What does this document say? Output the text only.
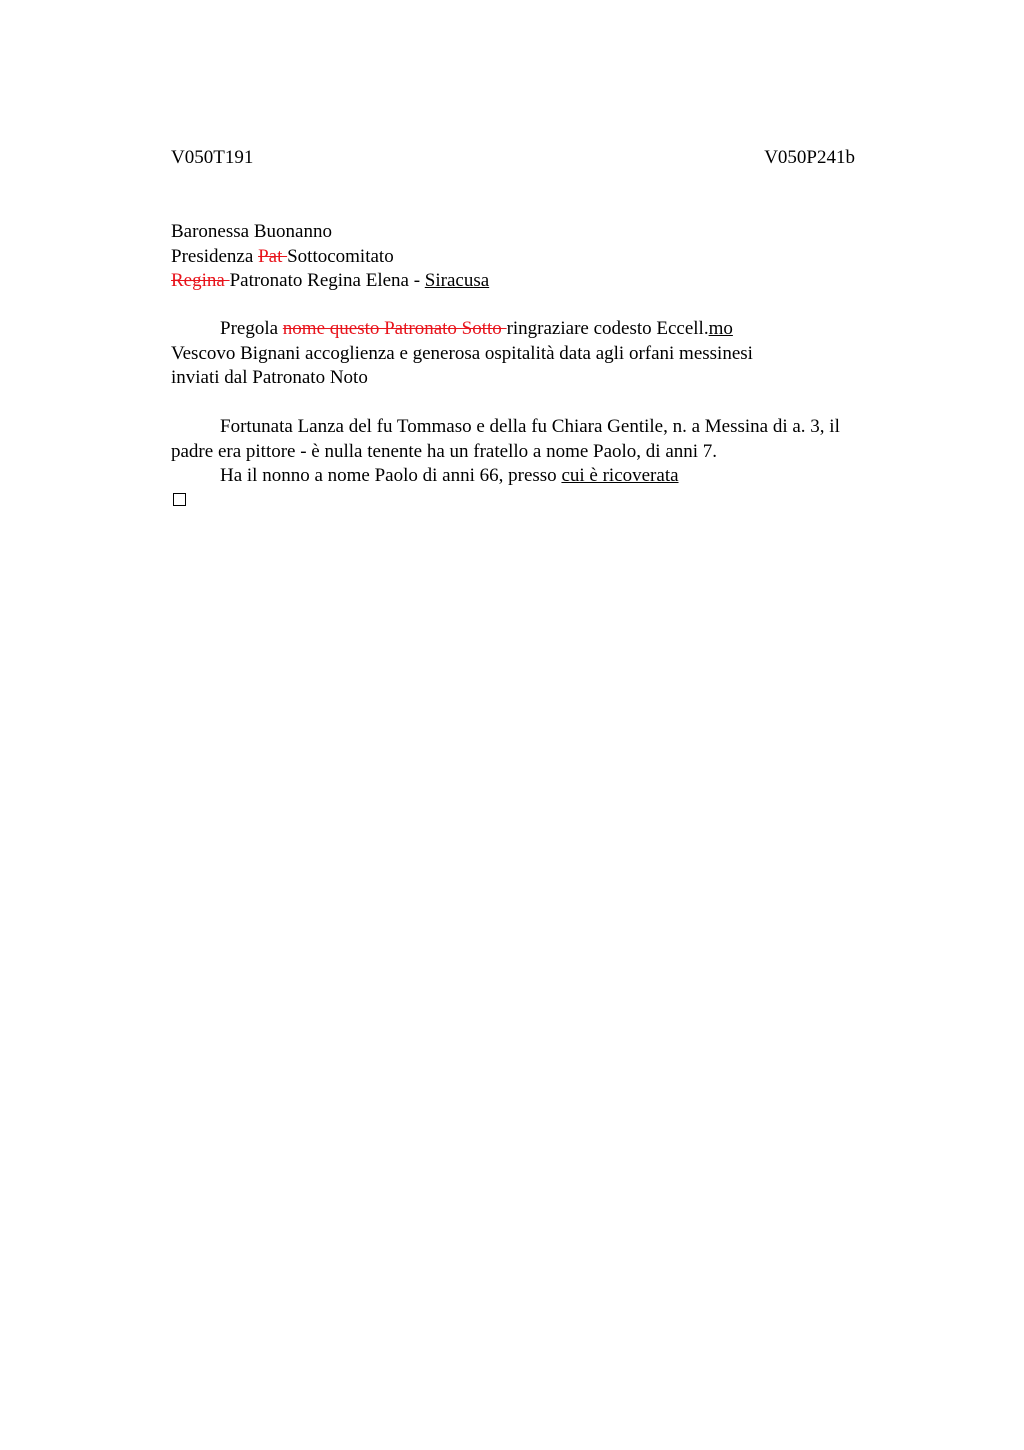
V050T191	V050P241b
Baronessa Buonanno
Presidenza Pat Sottocomitato
Regina Patronato Regina Elena - Siracusa
Pregola nome questo Patronato Sotto ringraziare codesto Eccell.mo
Vescovo Bignani accoglienza e generosa ospitalità data agli orfani messinesi
inviati dal Patronato Noto
Fortunata Lanza del fu Tommaso e della fu Chiara Gentile, n. a Messina di a. 3, il
padre era pittore - è nulla tenente ha un fratello a nome Paolo, di anni 7.
Ha il nonno a nome Paolo di anni 66, presso cui è ricoverata
